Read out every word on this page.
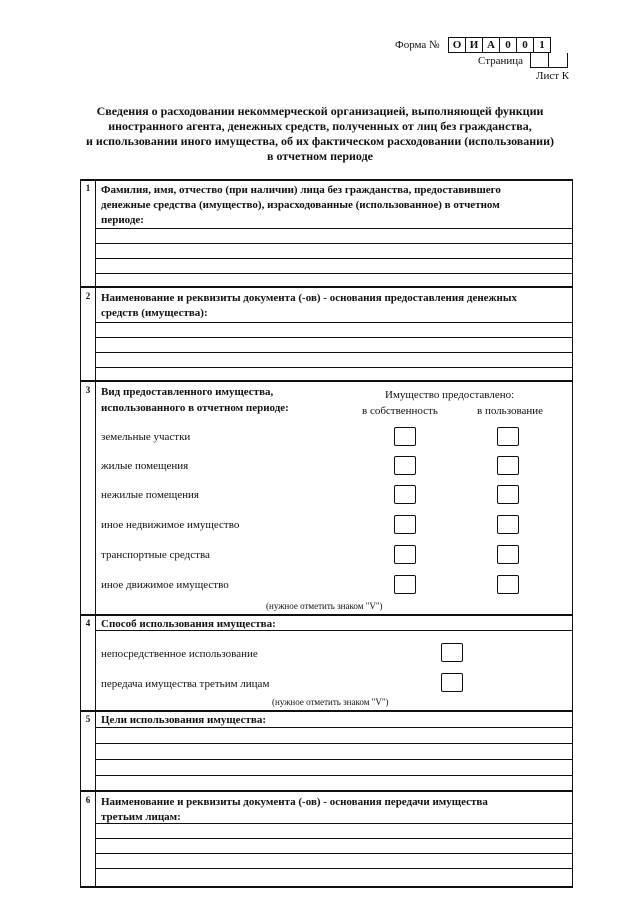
Форма №	О И А 0	0	1
Страница
Лист К
Сведения о расходовании некоммерческой организацией, выполняющей функции
иностранного агента, денежных средств, полученных от лиц без гражданства,
и использовании иного имущества, об их фактическом расходовании (использовании)
в отчетном периоде
1 Фамилия, имя, отчество (при наличии) лица без гражданства, предоставившего
денежные средства (имущество), израсходованные (использованное) в отчетном
периоде:
2 Наименование и реквизиты документа (-ов) - основания предоставления денежных
средств (имущества):
3 Вид предоставленного имущества,
использованного в отчетном периоде:
Имущество предоставлено:
в собственность	в пользование
земельные участки
жилые помещения
нежилые помещения
иное недвижимое имущество
транспортные средства
иное движимое имущество
(нужное отметить знаком "V")
4 Способ использования имущества:
непосредственное использование
передача имущества третьим лицам
(нужное отметить знаком "V")
5 Цели использования имущества:
6 Наименование и реквизиты документа (-ов) - основания передачи имущества
третьим лицам:
